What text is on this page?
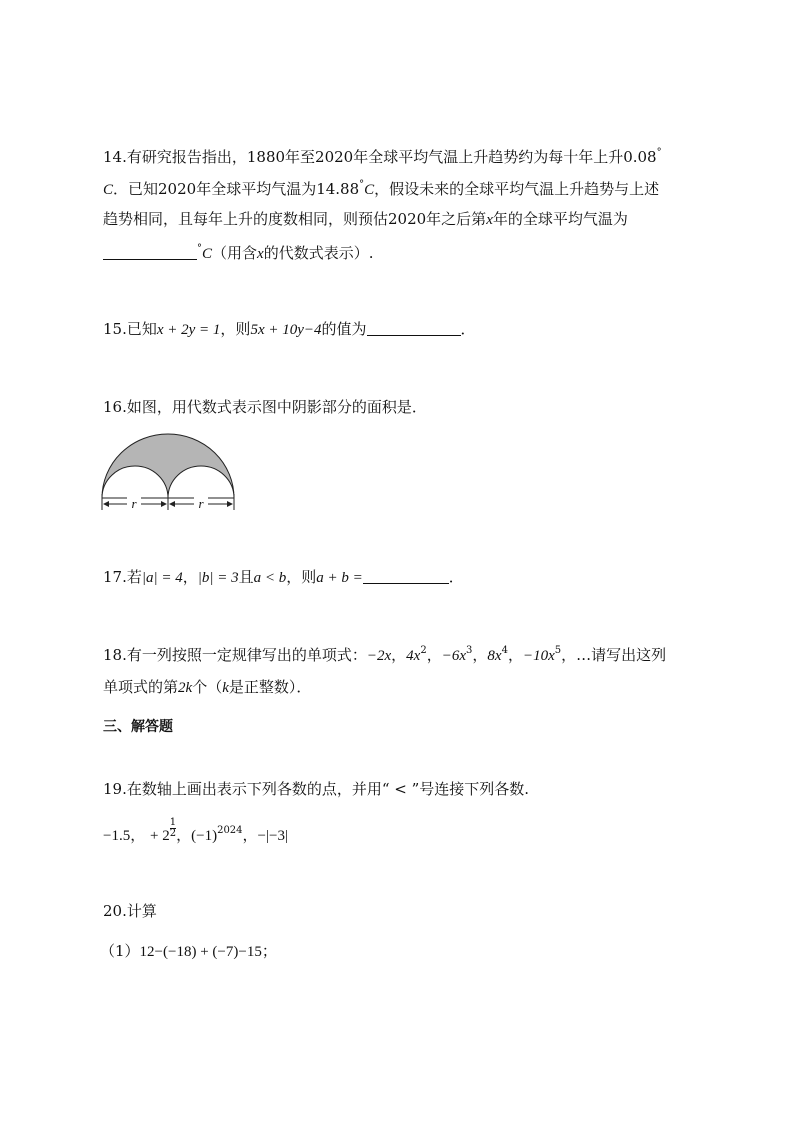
14.有研究报告指出，1880年至2020年全球平均气温上升趋势约为每十年上升0.08°
C．已知2020年全球平均气温为14.88°C，假设未来的全球平均气温上升趋势与上述
趋势相同，且每年上升的度数相同，则预估2020年之后第x年的全球平均气温为
°C（用含x的代数式表示）.
15.已知x + 2y = 1，则5x + 10y−4的值为	．
16.如图，用代数式表示图中阴影部分的面积是．
r	r
17.若|a| = 4，|b| = 3且a < b，则a + b =	．
18.有一列按照一定规律写出的单项式：−2x，$4x^2$，$-6x^3$，$8x^4$，$-10x^5$，…请写出这列
单项式的第2k个（k是正整数）．
三、解答题
19.在数轴上画出表示下列各数的点，并用“ < ”号连接下列各数.
−1.5， + $2 \frac{1}{2}$ ，$(-1)^{2024}$，−|−3|
20.计算
（1）12−(−18) + (−7)−15；
